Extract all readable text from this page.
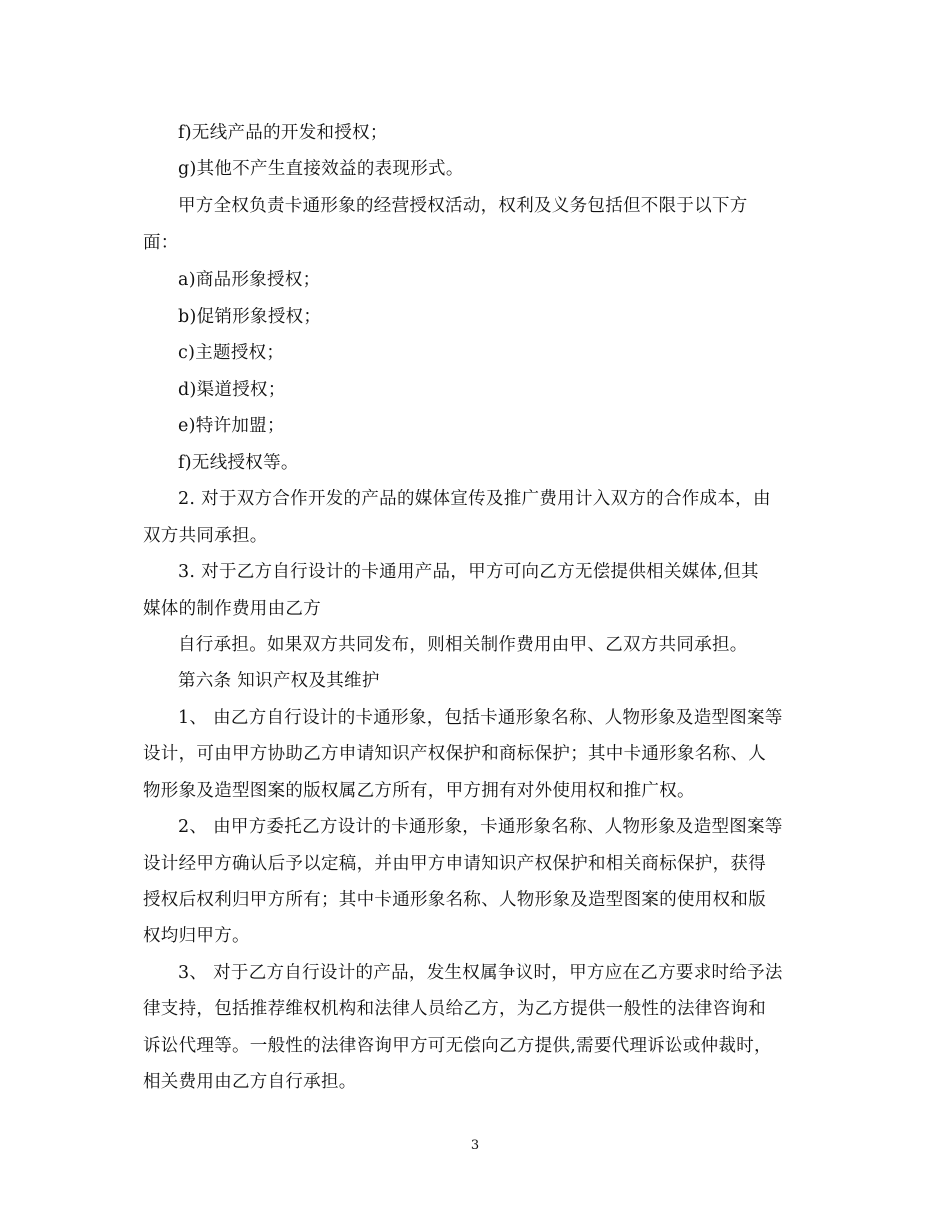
f)无线产品的开发和授权；
g)其他不产生直接效益的表现形式。
甲方全权负责卡通形象的经营授权活动，权利及义务包括但不限于以下方
面：
a)商品形象授权；
b)促销形象授权；
c)主题授权；
d)渠道授权；
e)特许加盟；
f)无线授权等。
2. 对于双方合作开发的产品的媒体宣传及推广费用计入双方的合作成本，由
双方共同承担。
3. 对于乙方自行设计的卡通用产品，甲方可向乙方无偿提供相关媒体,但其
媒体的制作费用由乙方
自行承担。如果双方共同发布，则相关制作费用由甲、乙双方共同承担。
第六条 知识产权及其维护
1、 由乙方自行设计的卡通形象，包括卡通形象名称、人物形象及造型图案等
设计，可由甲方协助乙方申请知识产权保护和商标保护；其中卡通形象名称、人
物形象及造型图案的版权属乙方所有，甲方拥有对外使用权和推广权。
2、 由甲方委托乙方设计的卡通形象，卡通形象名称、人物形象及造型图案等
设计经甲方确认后予以定稿，并由甲方申请知识产权保护和相关商标保护，获得
授权后权利归甲方所有；其中卡通形象名称、人物形象及造型图案的使用权和版
权均归甲方。
3、 对于乙方自行设计的产品，发生权属争议时，甲方应在乙方要求时给予法
律支持，包括推荐维权机构和法律人员给乙方，为乙方提供一般性的法律咨询和
诉讼代理等。一般性的法律咨询甲方可无偿向乙方提供,需要代理诉讼或仲裁时，
相关费用由乙方自行承担。
3
